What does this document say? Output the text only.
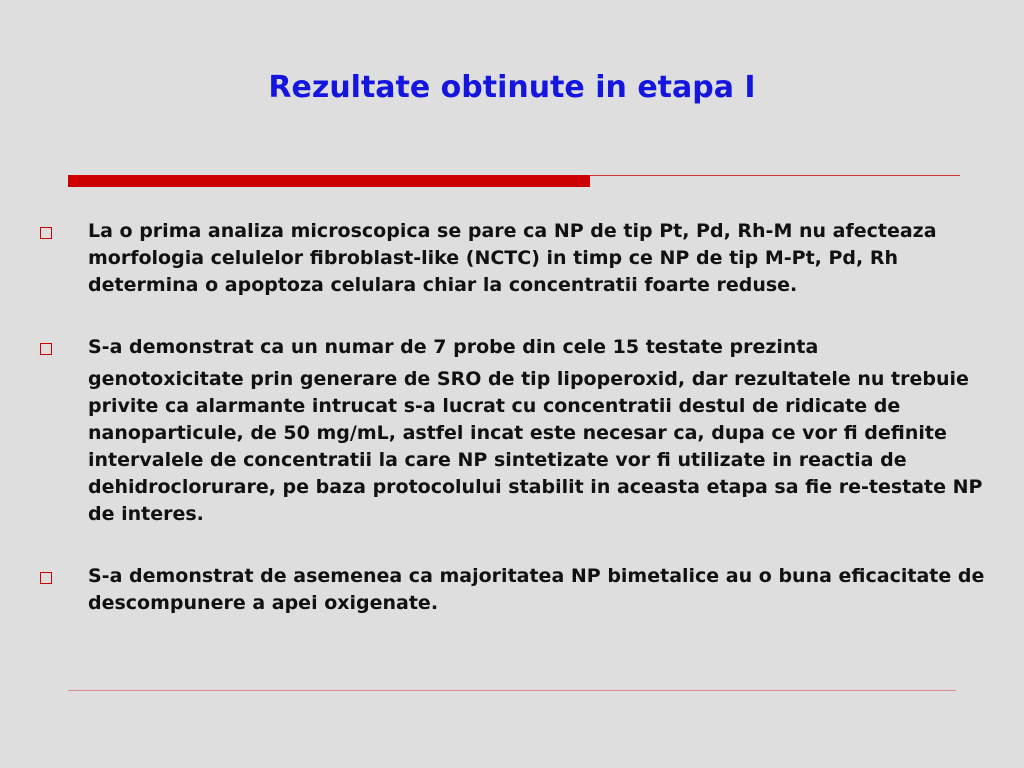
Rezultate obtinute in etapa I
La o prima analiza microscopica se pare ca NP de tip Pt, Pd, Rh-M nu afecteaza morfologia celulelor fibroblast-like (NCTC) in timp ce NP de tip M-Pt, Pd, Rh determina o apoptoza celulara chiar la concentratii foarte reduse.
S-a demonstrat ca un numar de 7 probe din cele 15 testate prezinta
genotoxicitate prin generare de SRO de tip lipoperoxid, dar rezultatele nu trebuie privite ca alarmante intrucat s-a lucrat cu concentratii destul de ridicate de nanoparticule, de 50 mg/mL, astfel incat este necesar ca, dupa ce vor fi definite intervalele de concentratii la care NP sintetizate vor fi utilizate in reactia de dehidroclorurare, pe baza protocolului stabilit in aceasta etapa sa fie re-testate NP de interes.
S-a demonstrat de asemenea ca majoritatea NP bimetalice au o buna eficacitate de descompunere a apei oxigenate.
